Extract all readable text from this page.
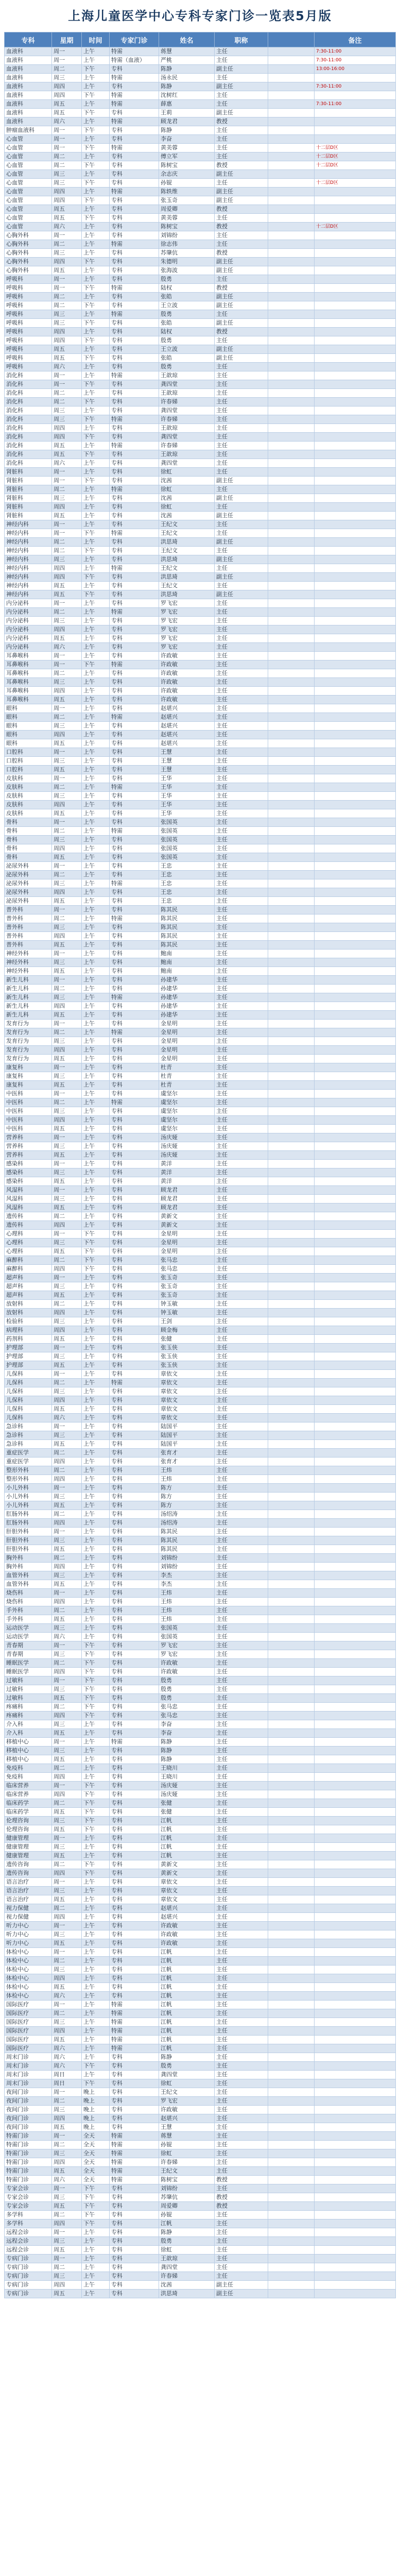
上海儿童医学中心专科专家门诊一览表5月版
专科	星期	时间	专家门诊	姓名	职称		备注
血液科	周一	上午	特需	蒋慧	主任		7:30-11:00
血液科	周一	上午	特需（血液）	严桃	主任		7:30-11:00
血液科	周二	下午	专科	陈静	副主任		13:00-16:00
血液科	周三	上午	特需	汤永民	主任		
血液科	周四	上午	专科	陈静	副主任		7:30-11:00
血液科	周四	下午	特需	沈树红	主任		
血液科	周五	上午	特需	薛惠	主任		7:30-11:00
血液科	周五	下午	专科	王莉	副主任		
血液科	周六	上午	特需	顾龙君	教授		
肿瘤血液科	周一	下午	专科	陈静	主任		
心血管	周一	上午	专科	李奋	主任		
心血管	周一	下午	特需	黄美蓉	主任		十二层D区
心血管	周二	上午	专科	傅立军	主任		十二层D区
心血管	周二	下午	专科	陈树宝	教授		十二层D区
心血管	周三	上午	专科	余志庆	副主任		
心血管	周三	下午	专科	孙锟	主任		十二层D区
心血管	周四	上午	特需	陈轶维	副主任		
心血管	周四	下午	专科	张玉奇	副主任		
心血管	周五	上午	专科	周爱卿	教授		
心血管	周五	下午	专科	黄美蓉	主任		
心血管	周六	上午	专科	陈树宝	教授		十二层D区
心胸外科	周一	上午	专科	刘锦纷	主任		
心胸外科	周二	上午	特需	徐志伟	主任		
心胸外科	周三	上午	专科	苏肇伉	教授		
心胸外科	周四	下午	专科	朱德明	副主任		
心胸外科	周五	上午	专科	张海波	副主任		
呼吸科	周一	上午	专科	殷勇	主任		
呼吸科	周一	下午	特需	陆权	教授		
呼吸科	周二	上午	专科	张皓	副主任		
呼吸科	周二	下午	专科	王立波	副主任		
呼吸科	周三	上午	特需	殷勇	主任		
呼吸科	周三	下午	专科	张皓	副主任		
呼吸科	周四	上午	专科	陆权	教授		
呼吸科	周四	下午	专科	殷勇	主任		
呼吸科	周五	上午	专科	王立波	副主任		
呼吸科	周五	下午	专科	张皓	副主任		
呼吸科	周六	上午	专科	殷勇	主任		
消化科	周一	上午	特需	王歆琼	主任		
消化科	周一	下午	专科	龚四堂	主任		
消化科	周二	上午	专科	王歆琼	主任		
消化科	周二	下午	专科	许春娣	主任		
消化科	周三	上午	专科	龚四堂	主任		
消化科	周三	下午	特需	许春娣	主任		
消化科	周四	上午	专科	王歆琼	主任		
消化科	周四	下午	专科	龚四堂	主任		
消化科	周五	上午	特需	许春娣	主任		
消化科	周五	下午	专科	王歆琼	主任		
消化科	周六	上午	专科	龚四堂	主任		
肾脏科	周一	上午	专科	徐虹	主任		
肾脏科	周一	下午	专科	沈茜	副主任		
肾脏科	周二	上午	特需	徐虹	主任		
肾脏科	周三	上午	专科	沈茜	副主任		
肾脏科	周四	上午	专科	徐虹	主任		
肾脏科	周五	上午	专科	沈茜	副主任		
神经内科	周一	上午	专科	王纪文	主任		
神经内科	周一	下午	特需	王纪文	主任		
神经内科	周二	上午	专科	洪思琦	副主任		
神经内科	周二	下午	专科	王纪文	主任		
神经内科	周三	上午	专科	洪思琦	副主任		
神经内科	周四	上午	特需	王纪文	主任		
神经内科	周四	下午	专科	洪思琦	副主任		
神经内科	周五	上午	专科	王纪文	主任		
神经内科	周五	下午	专科	洪思琦	副主任		
内分泌科	周一	上午	专科	罗飞宏	主任		
内分泌科	周二	上午	特需	罗飞宏	主任		
内分泌科	周三	上午	专科	罗飞宏	主任		
内分泌科	周四	上午	专科	罗飞宏	主任		
内分泌科	周五	上午	专科	罗飞宏	主任		
内分泌科	周六	上午	专科	罗飞宏	主任		
耳鼻喉科	周一	上午	专科	许政敏	主任		
耳鼻喉科	周一	下午	特需	许政敏	主任		
耳鼻喉科	周二	上午	专科	许政敏	主任		
耳鼻喉科	周三	上午	专科	许政敏	主任		
耳鼻喉科	周四	上午	专科	许政敏	主任		
耳鼻喉科	周五	上午	专科	许政敏	主任		
眼科	周一	上午	专科	赵堪兴	主任		
眼科	周二	上午	特需	赵堪兴	主任		
眼科	周三	上午	专科	赵堪兴	主任		
眼科	周四	上午	专科	赵堪兴	主任		
眼科	周五	上午	专科	赵堪兴	主任		
口腔科	周一	上午	专科	王慧	主任		
口腔科	周三	上午	专科	王慧	主任		
口腔科	周五	上午	专科	王慧	主任		
皮肤科	周一	上午	专科	王华	主任		
皮肤科	周二	上午	特需	王华	主任		
皮肤科	周三	上午	专科	王华	主任		
皮肤科	周四	上午	专科	王华	主任		
皮肤科	周五	上午	专科	王华	主任		
骨科	周一	上午	专科	张国英	主任		
骨科	周二	上午	特需	张国英	主任		
骨科	周三	上午	专科	张国英	主任		
骨科	周四	上午	专科	张国英	主任		
骨科	周五	上午	专科	张国英	主任		
泌尿外科	周一	上午	专科	王忠	主任		
泌尿外科	周二	上午	专科	王忠	主任		
泌尿外科	周三	上午	特需	王忠	主任		
泌尿外科	周四	上午	专科	王忠	主任		
泌尿外科	周五	上午	专科	王忠	主任		
普外科	周一	上午	专科	陈其民	主任		
普外科	周二	上午	特需	陈其民	主任		
普外科	周三	上午	专科	陈其民	主任		
普外科	周四	上午	专科	陈其民	主任		
普外科	周五	上午	专科	陈其民	主任		
神经外科	周一	上午	专科	鲍南	主任		
神经外科	周三	上午	专科	鲍南	主任		
神经外科	周五	上午	专科	鲍南	主任		
新生儿科	周一	上午	专科	孙建华	主任		
新生儿科	周二	上午	专科	孙建华	主任		
新生儿科	周三	上午	特需	孙建华	主任		
新生儿科	周四	上午	专科	孙建华	主任		
新生儿科	周五	上午	专科	孙建华	主任		
发育行为	周一	上午	专科	金星明	主任		
发育行为	周二	上午	特需	金星明	主任		
发育行为	周三	上午	专科	金星明	主任		
发育行为	周四	上午	专科	金星明	主任		
发育行为	周五	上午	专科	金星明	主任		
康复科	周一	上午	专科	杜青	主任		
康复科	周三	上午	专科	杜青	主任		
康复科	周五	上午	专科	杜青	主任		
中医科	周一	上午	专科	虞坚尔	主任		
中医科	周二	上午	特需	虞坚尔	主任		
中医科	周三	上午	专科	虞坚尔	主任		
中医科	周四	上午	专科	虞坚尔	主任		
中医科	周五	上午	专科	虞坚尔	主任		
营养科	周一	上午	专科	汤庆娅	主任		
营养科	周三	上午	专科	汤庆娅	主任		
营养科	周五	上午	专科	汤庆娅	主任		
感染科	周一	上午	专科	黄洋	主任		
感染科	周三	上午	专科	黄洋	主任		
感染科	周五	上午	专科	黄洋	主任		
风湿科	周一	上午	专科	顾龙君	主任		
风湿科	周三	上午	专科	顾龙君	主任		
风湿科	周五	上午	专科	顾龙君	主任		
遗传科	周二	上午	专科	黄新文	主任		
遗传科	周四	上午	专科	黄新文	主任		
心理科	周一	下午	专科	金星明	主任		
心理科	周三	下午	专科	金星明	主任		
心理科	周五	下午	专科	金星明	主任		
麻醉科	周二	下午	专科	张马忠	主任		
麻醉科	周四	下午	专科	张马忠	主任		
超声科	周一	上午	专科	张玉奇	主任		
超声科	周三	上午	专科	张玉奇	主任		
超声科	周五	上午	专科	张玉奇	主任		
放射科	周二	上午	专科	钟玉敏	主任		
放射科	周四	上午	专科	钟玉敏	主任		
检验科	周三	上午	专科	王剑	主任		
病理科	周四	上午	专科	顾金梅	主任		
药剂科	周五	上午	专科	张健	主任		
护理部	周一	上午	专科	张玉侠	主任		
护理部	周三	上午	专科	张玉侠	主任		
护理部	周五	上午	专科	张玉侠	主任		
儿保科	周一	上午	专科	章依文	主任		
儿保科	周二	上午	特需	章依文	主任		
儿保科	周三	上午	专科	章依文	主任		
儿保科	周四	上午	专科	章依文	主任		
儿保科	周五	上午	专科	章依文	主任		
儿保科	周六	上午	专科	章依文	主任		
急诊科	周一	上午	专科	陆国平	主任		
急诊科	周三	上午	专科	陆国平	主任		
急诊科	周五	上午	专科	陆国平	主任		
重症医学	周二	上午	专科	张育才	主任		
重症医学	周四	上午	专科	张育才	主任		
整形外科	周二	上午	专科	王炜	主任		
整形外科	周四	上午	专科	王炜	主任		
小儿外科	周一	上午	专科	陈方	主任		
小儿外科	周三	上午	专科	陈方	主任		
小儿外科	周五	上午	专科	陈方	主任		
肛肠外科	周二	上午	专科	汤绍涛	主任		
肛肠外科	周四	上午	专科	汤绍涛	主任		
肝胆外科	周一	上午	专科	陈其民	主任		
肝胆外科	周三	上午	专科	陈其民	主任		
肝胆外科	周五	上午	专科	陈其民	主任		
胸外科	周二	上午	专科	刘锦纷	主任		
胸外科	周四	上午	专科	刘锦纷	主任		
血管外科	周三	上午	专科	李杰	主任		
血管外科	周五	上午	专科	李杰	主任		
烧伤科	周一	上午	专科	王炜	主任		
烧伤科	周四	上午	专科	王炜	主任		
手外科	周二	上午	专科	王炜	主任		
手外科	周五	上午	专科	王炜	主任		
运动医学	周三	上午	专科	张国英	主任		
运动医学	周六	上午	专科	张国英	主任		
青春期	周一	下午	专科	罗飞宏	主任		
青春期	周三	下午	专科	罗飞宏	主任		
睡眠医学	周二	下午	专科	许政敏	主任		
睡眠医学	周四	下午	专科	许政敏	主任		
过敏科	周一	下午	专科	殷勇	主任		
过敏科	周三	下午	专科	殷勇	主任		
过敏科	周五	下午	专科	殷勇	主任		
疼痛科	周二	下午	专科	张马忠	主任		
疼痛科	周四	下午	专科	张马忠	主任		
介入科	周三	上午	专科	李奋	主任		
介入科	周五	上午	专科	李奋	主任		
移植中心	周一	上午	特需	陈静	主任		
移植中心	周三	上午	专科	陈静	主任		
移植中心	周五	上午	专科	陈静	主任		
免疫科	周二	上午	专科	王晓川	主任		
免疫科	周四	上午	专科	王晓川	主任		
临床营养	周一	下午	专科	汤庆娅	主任		
临床营养	周四	下午	专科	汤庆娅	主任		
临床药学	周二	下午	专科	张健	主任		
临床药学	周五	下午	专科	张健	主任		
伦理咨询	周三	下午	专科	江帆	主任		
伦理咨询	周五	下午	专科	江帆	主任		
健康管理	周一	上午	专科	江帆	主任		
健康管理	周三	上午	专科	江帆	主任		
健康管理	周五	上午	专科	江帆	主任		
遗传咨询	周二	下午	专科	黄新文	主任		
遗传咨询	周四	下午	专科	黄新文	主任		
语言治疗	周一	上午	专科	章依文	主任		
语言治疗	周三	上午	专科	章依文	主任		
语言治疗	周五	上午	专科	章依文	主任		
视力保健	周二	上午	专科	赵堪兴	主任		
视力保健	周四	上午	专科	赵堪兴	主任		
听力中心	周一	上午	专科	许政敏	主任		
听力中心	周三	上午	专科	许政敏	主任		
听力中心	周五	上午	专科	许政敏	主任		
体检中心	周一	上午	专科	江帆	主任		
体检中心	周二	上午	专科	江帆	主任		
体检中心	周三	上午	专科	江帆	主任		
体检中心	周四	上午	专科	江帆	主任		
体检中心	周五	上午	专科	江帆	主任		
体检中心	周六	上午	专科	江帆	主任		
国际医疗	周一	上午	特需	江帆	主任		
国际医疗	周二	上午	特需	江帆	主任		
国际医疗	周三	上午	特需	江帆	主任		
国际医疗	周四	上午	特需	江帆	主任		
国际医疗	周五	上午	特需	江帆	主任		
国际医疗	周六	上午	特需	江帆	主任		
周末门诊	周六	上午	专科	陈静	主任		
周末门诊	周六	下午	专科	殷勇	主任		
周末门诊	周日	上午	专科	龚四堂	主任		
周末门诊	周日	下午	专科	徐虹	主任		
夜间门诊	周一	晚上	专科	王纪文	主任		
夜间门诊	周二	晚上	专科	罗飞宏	主任		
夜间门诊	周三	晚上	专科	许政敏	主任		
夜间门诊	周四	晚上	专科	赵堪兴	主任		
夜间门诊	周五	晚上	专科	王慧	主任		
特需门诊	周一	全天	特需	蒋慧	主任		
特需门诊	周二	全天	特需	孙锟	主任		
特需门诊	周三	全天	特需	徐虹	主任		
特需门诊	周四	全天	特需	许春娣	主任		
特需门诊	周五	全天	特需	王纪文	主任		
特需门诊	周六	全天	特需	陈树宝	教授		
专家会诊	周一	下午	专科	刘锦纷	主任		
专家会诊	周三	下午	专科	苏肇伉	教授		
专家会诊	周五	下午	专科	周爱卿	教授		
多学科	周二	下午	专科	孙锟	主任		
多学科	周四	下午	专科	江帆	主任		
远程会诊	周一	上午	专科	陈静	主任		
远程会诊	周三	上午	专科	殷勇	主任		
远程会诊	周五	上午	专科	徐虹	主任		
专病门诊	周一	上午	专科	王歆琼	主任		
专病门诊	周二	上午	专科	龚四堂	主任		
专病门诊	周三	上午	专科	许春娣	主任		
专病门诊	周四	上午	专科	沈茜	副主任		
专病门诊	周五	上午	专科	洪思琦	副主任		
